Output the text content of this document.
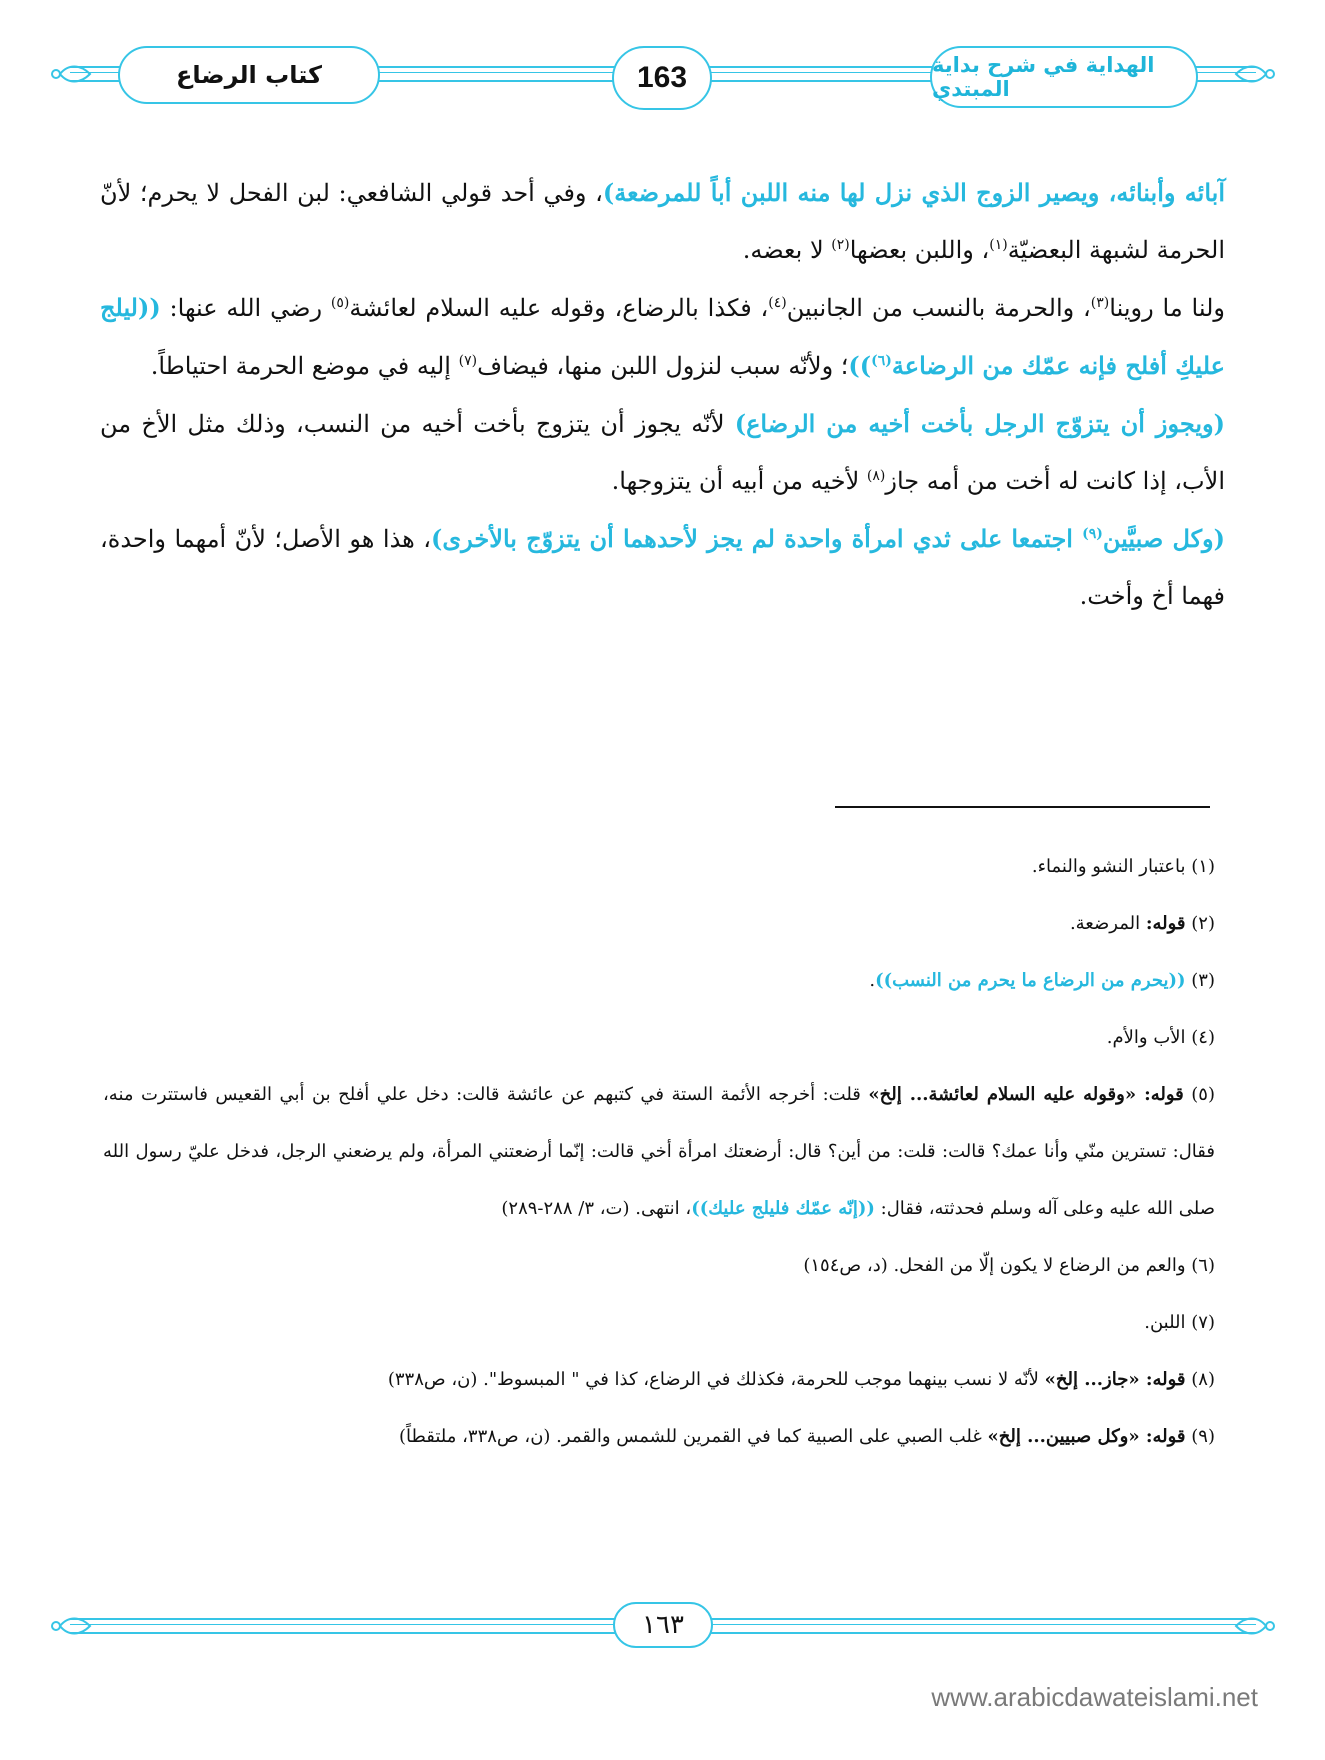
كتاب الرضاع	163	الهداية في شرح بداية المبتدي

آبائه وأبنائه، ويصير الزوج الذي نزل لها منه اللبن أباً للمرضعة)، وفي أحد قولي الشافعي: لبن الفحل لا يحرم؛ لأنّ الحرمة لشبهة البعضيّة$^{(١)}$، واللبن بعضها$^{(٢)}$ لا بعضه.

ولنا ما روينا$^{(٣)}$، والحرمة بالنسب من الجانبين$^{(٤)}$، فكذا بالرضاع، وقوله عليه السلام لعائشة$^{(٥)}$ رضي الله عنها: ((ليلج عليكِ أفلح فإنه عمّك من الرضاعة$^{(٦)}$))؛ ولأنّه سبب لنزول اللبن منها، فيضاف$^{(٧)}$ إليه في موضع الحرمة احتياطاً.

(ويجوز أن يتزوّج الرجل بأخت أخيه من الرضاع) لأنّه يجوز أن يتزوج بأخت أخيه من النسب، وذلك مثل الأخ من الأب، إذا كانت له أخت من أمه جاز$^{(٨)}$ لأخيه من أبيه أن يتزوجها.

(وكل صبيَّين$^{(٩)}$ اجتمعا على ثدي امرأة واحدة لم يجز لأحدهما أن يتزوّج بالأخرى)، هذا هو الأصل؛ لأنّ أمهما واحدة، فهما أخ وأخت.

(١) باعتبار النشو والنماء.

(٢) قوله: المرضعة.

(٣) ((يحرم من الرضاع ما يحرم من النسب)).

(٤) الأب والأم.

(٥) قوله: «وقوله عليه السلام لعائشة... إلخ» قلت: أخرجه الأئمة الستة في كتبهم عن عائشة قالت: دخل علي أفلح بن أبي القعيس فاستترت منه، فقال: تسترين منّي وأنا عمك؟ قالت: قلت: من أين؟ قال: أرضعتك امرأة أخي قالت: إنّما أرضعتني المرأة، ولم يرضعني الرجل، فدخل عليّ رسول الله صلى الله عليه وعلى آله وسلم فحدثته، فقال: ((إنّه عمّك فليلج عليك))، انتهى. (ت، ٣/ ٢٨٨-٢٨٩)

(٦) والعم من الرضاع لا يكون إلّا من الفحل. (د، ص١٥٤)

(٧) اللبن.

(٨) قوله: «جاز... إلخ» لأنّه لا نسب بينهما موجب للحرمة، فكذلك في الرضاع، كذا في " المبسوط". (ن، ص٣٣٨)

(٩) قوله: «وكل صبيين... إلخ» غلب الصبي على الصبية كما في القمرين للشمس والقمر. (ن، ص٣٣٨، ملتقطاً)

١٦٣
www.arabicdawateislami.net
